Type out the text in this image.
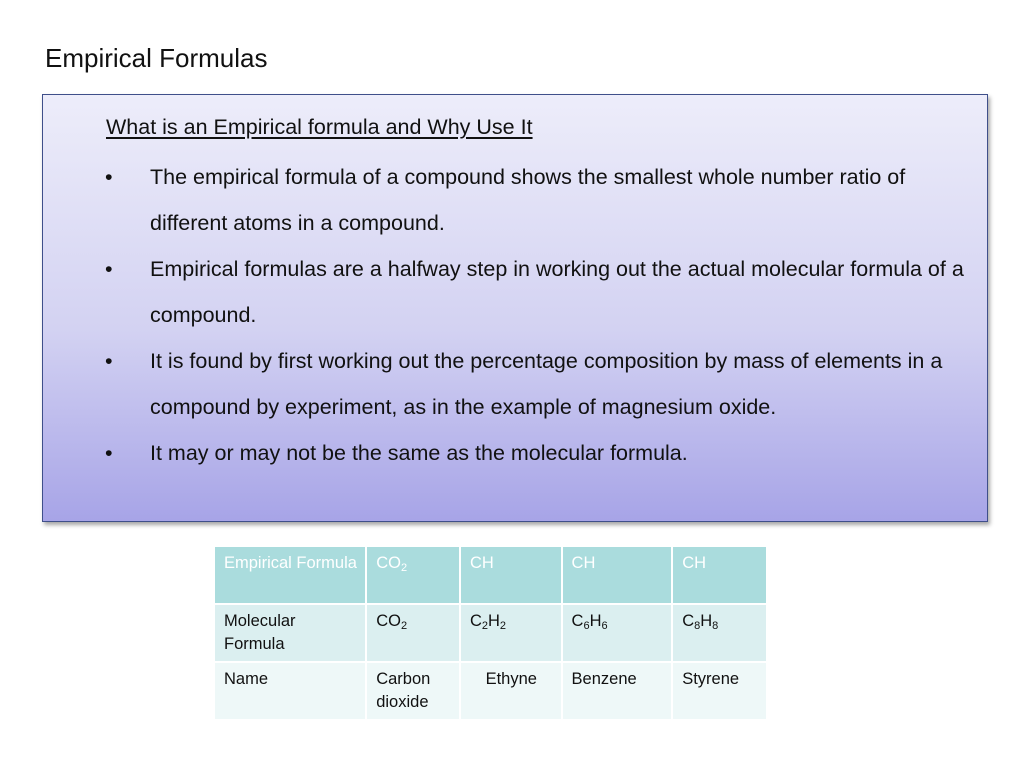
Empirical Formulas
What is an Empirical formula and Why Use It
•	The empirical formula of a compound shows the smallest whole number ratio of different atoms in a compound.
•	Empirical formulas are a halfway step in working out the actual molecular formula of a compound.
•	It is found by first working out the percentage composition by mass of elements in a compound by experiment, as in the example of magnesium oxide.
•	It may or may not be the same as the molecular formula.
Empirical Formula	$CO_2$	CH	CH	CH
Molecular Formula	$CO_2$	$C_2H_2$	$C_6H_6$	$C_8H_8$
Name	Carbon dioxide	Ethyne	Benzene	Styrene
